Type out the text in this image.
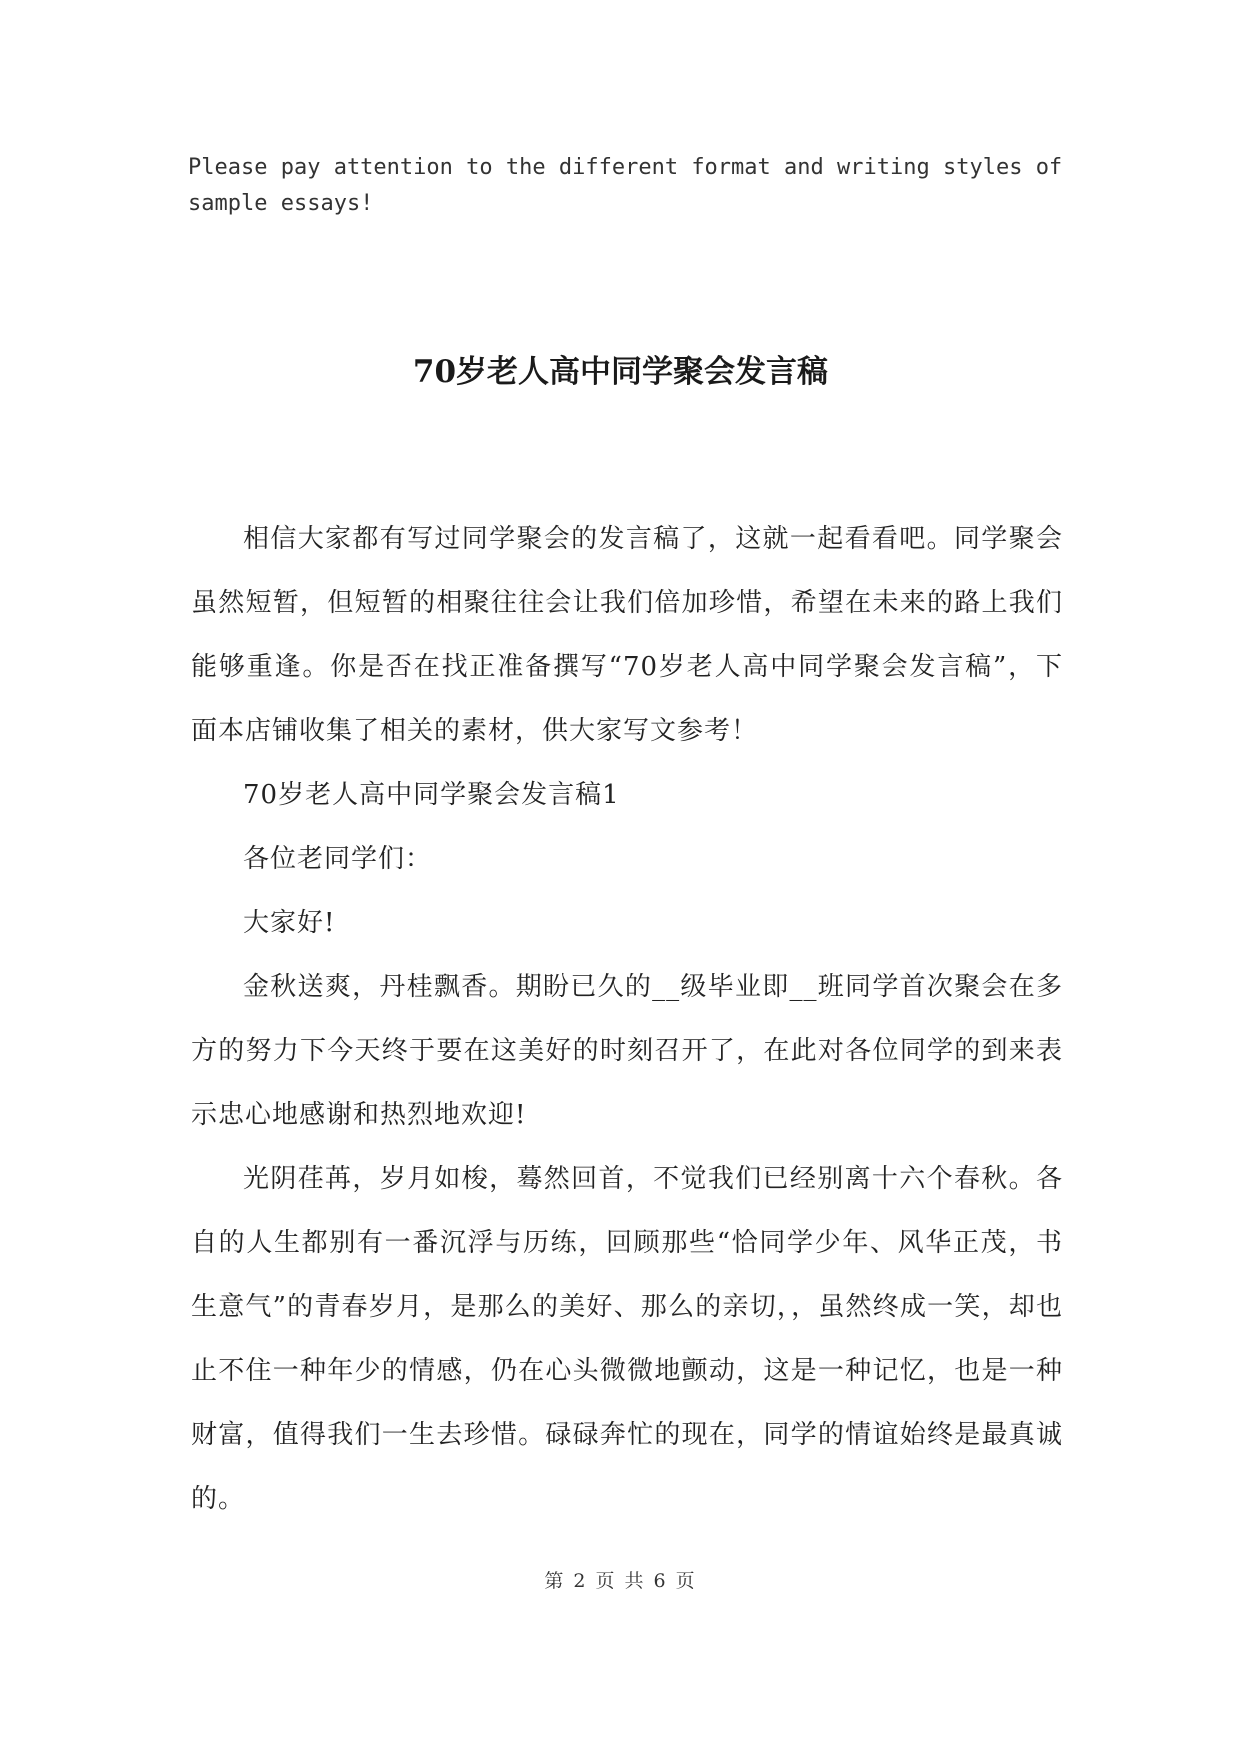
Please pay attention to the different format and writing styles of sample essays!

70岁老人高中同学聚会发言稿

相信大家都有写过同学聚会的发言稿了，这就一起看看吧。同学聚会虽然短暂，但短暂的相聚往往会让我们倍加珍惜，希望在未来的路上我们能够重逢。你是否在找正准备撰写“70岁老人高中同学聚会发言稿”，下面本店铺收集了相关的素材，供大家写文参考！

70岁老人高中同学聚会发言稿1

各位老同学们：

大家好!

金秋送爽，丹桂飘香。期盼已久的__级毕业即__班同学首次聚会在多方的努力下今天终于要在这美好的时刻召开了，在此对各位同学的到来表示忠心地感谢和热烈地欢迎!

光阴荏苒，岁月如梭，蓦然回首，不觉我们已经别离十六个春秋。各自的人生都别有一番沉浮与历练，回顾那些“恰同学少年、风华正茂，书生意气”的青春岁月，是那么的美好、那么的亲切，，虽然终成一笑，却也止不住一种年少的情感，仍在心头微微地颤动，这是一种记忆，也是一种财富，值得我们一生去珍惜。碌碌奔忙的现在，同学的情谊始终是最真诚的。

第 2 页 共 6 页
